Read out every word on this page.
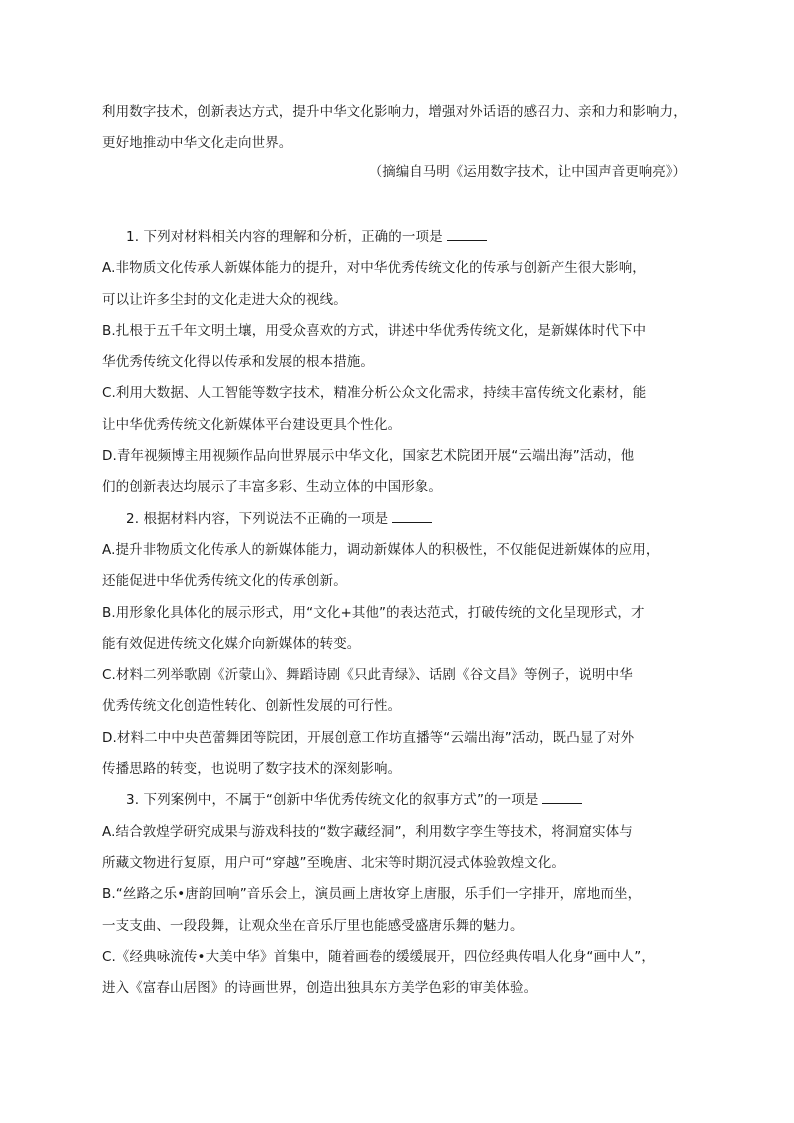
利用数字技术，创新表达方式，提升中华文化影响力，增强对外话语的感召力、亲和力和影响力，
更好地推动中华文化走向世界。
（摘编自马明《运用数字技术，让中国声音更响亮》）
1. 下列对材料相关内容的理解和分析，正确的一项是
A.非物质文化传承人新媒体能力的提升，对中华优秀传统文化的传承与创新产生很大影响，
可以让许多尘封的文化走进大众的视线。
B.扎根于五千年文明土壤，用受众喜欢的方式，讲述中华优秀传统文化，是新媒体时代下中
华优秀传统文化得以传承和发展的根本措施。
C.利用大数据、人工智能等数字技术，精准分析公众文化需求，持续丰富传统文化素材，能
让中华优秀传统文化新媒体平台建设更具个性化。
D.青年视频博主用视频作品向世界展示中华文化，国家艺术院团开展“云端出海”活动，他
们的创新表达均展示了丰富多彩、生动立体的中国形象。
2. 根据材料内容，下列说法不正确的一项是
A.提升非物质文化传承人的新媒体能力，调动新媒体人的积极性，不仅能促进新媒体的应用，
还能促进中华优秀传统文化的传承创新。
B.用形象化具体化的展示形式，用“文化+其他”的表达范式，打破传统的文化呈现形式，才
能有效促进传统文化媒介向新媒体的转变。
C.材料二列举歌剧《沂蒙山》、舞蹈诗剧《只此青绿》、话剧《谷文昌》等例子，说明中华
优秀传统文化创造性转化、创新性发展的可行性。
D.材料二中中央芭蕾舞团等院团，开展创意工作坊直播等“云端出海”活动，既凸显了对外
传播思路的转变，也说明了数字技术的深刻影响。
3. 下列案例中，不属于“创新中华优秀传统文化的叙事方式”的一项是
A.结合敦煌学研究成果与游戏科技的“数字藏经洞”，利用数字孪生等技术，将洞窟实体与
所藏文物进行复原，用户可“穿越”至晚唐、北宋等时期沉浸式体验敦煌文化。
B.“丝路之乐•唐韵回响”音乐会上，演员画上唐妆穿上唐服，乐手们一字排开，席地而坐，
一支支曲、一段段舞，让观众坐在音乐厅里也能感受盛唐乐舞的魅力。
C.《经典咏流传•大美中华》首集中，随着画卷的缓缓展开，四位经典传唱人化身“画中人”，
进入《富春山居图》的诗画世界，创造出独具东方美学色彩的审美体验。
